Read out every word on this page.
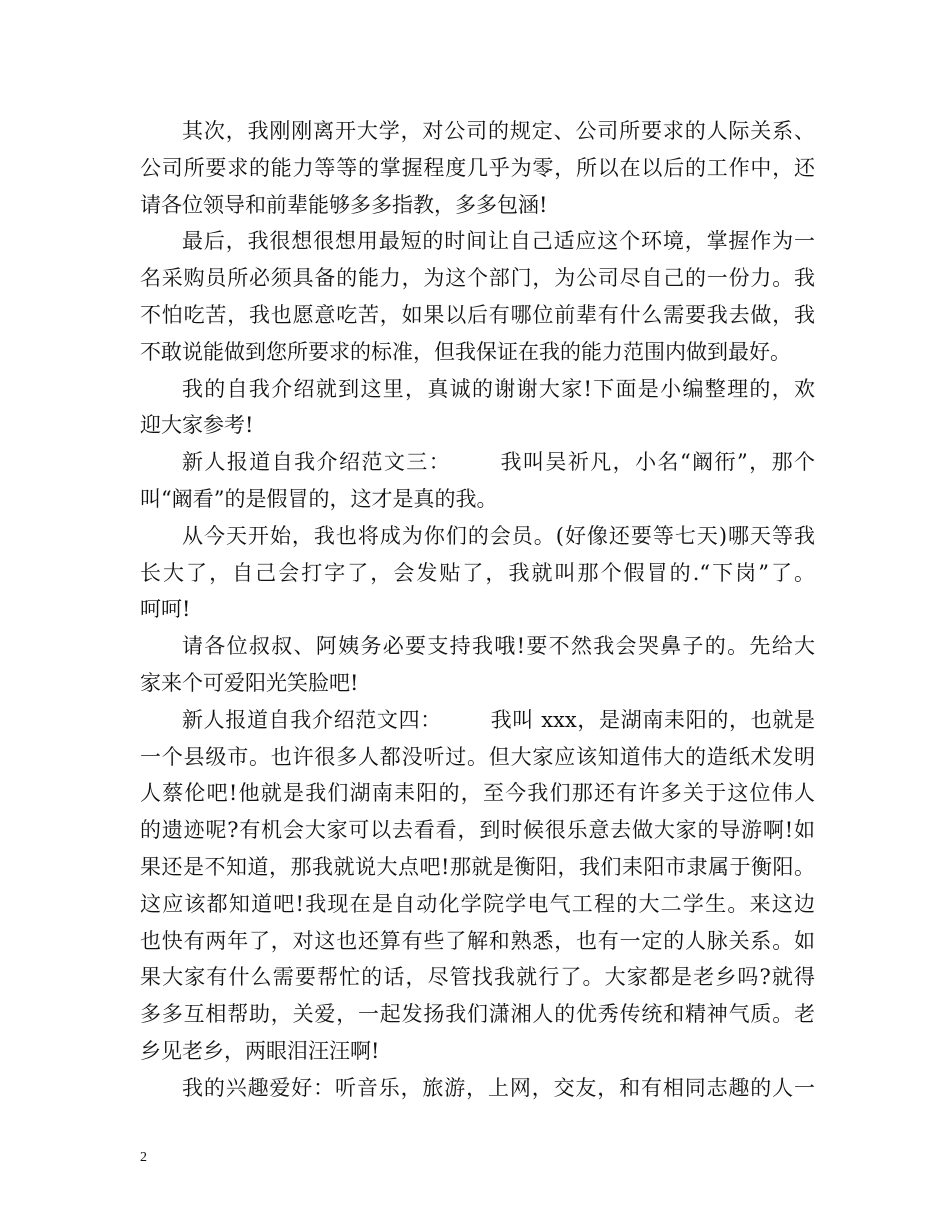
其次，我刚刚离开大学，对公司的规定、公司所要求的人际关系、
公司所要求的能力等等的掌握程度几乎为零，所以在以后的工作中，还
请各位领导和前辈能够多多指教，多多包涵!
最后，我很想很想用最短的时间让自己适应这个环境，掌握作为一
名采购员所必须具备的能力，为这个部门，为公司尽自己的一份力。我
不怕吃苦，我也愿意吃苦，如果以后有哪位前辈有什么需要我去做，我
不敢说能做到您所要求的标准，但我保证在我的能力范围内做到最好。
我的自我介绍就到这里，真诚的谢谢大家!下面是小编整理的，欢
迎大家参考!
新人报道自我介绍范文三： 我叫吴祈凡，小名“阚衎”，那个
叫“阚看”的是假冒的，这才是真的我。
从今天开始，我也将成为你们的会员。(好像还要等七天)哪天等我
长大了，自己会打字了，会发贴了，我就叫那个假冒的.“下岗”了。
呵呵!
请各位叔叔、阿姨务必要支持我哦!要不然我会哭鼻子的。先给大
家来个可爱阳光笑脸吧!
新人报道自我介绍范文四： 我叫 xxx，是湖南耒阳的，也就是
一个县级市。也许很多人都没听过。但大家应该知道伟大的造纸术发明
人蔡伦吧!他就是我们湖南耒阳的，至今我们那还有许多关于这位伟人
的遗迹呢?有机会大家可以去看看，到时候很乐意去做大家的导游啊!如
果还是不知道，那我就说大点吧!那就是衡阳，我们耒阳市隶属于衡阳。
这应该都知道吧!我现在是自动化学院学电气工程的大二学生。来这边
也快有两年了，对这也还算有些了解和熟悉，也有一定的人脉关系。如
果大家有什么需要帮忙的话，尽管找我就行了。大家都是老乡吗?就得
多多互相帮助，关爱，一起发扬我们潇湘人的优秀传统和精神气质。老
乡见老乡，两眼泪汪汪啊!
我的兴趣爱好：听音乐，旅游，上网，交友，和有相同志趣的人一
2
